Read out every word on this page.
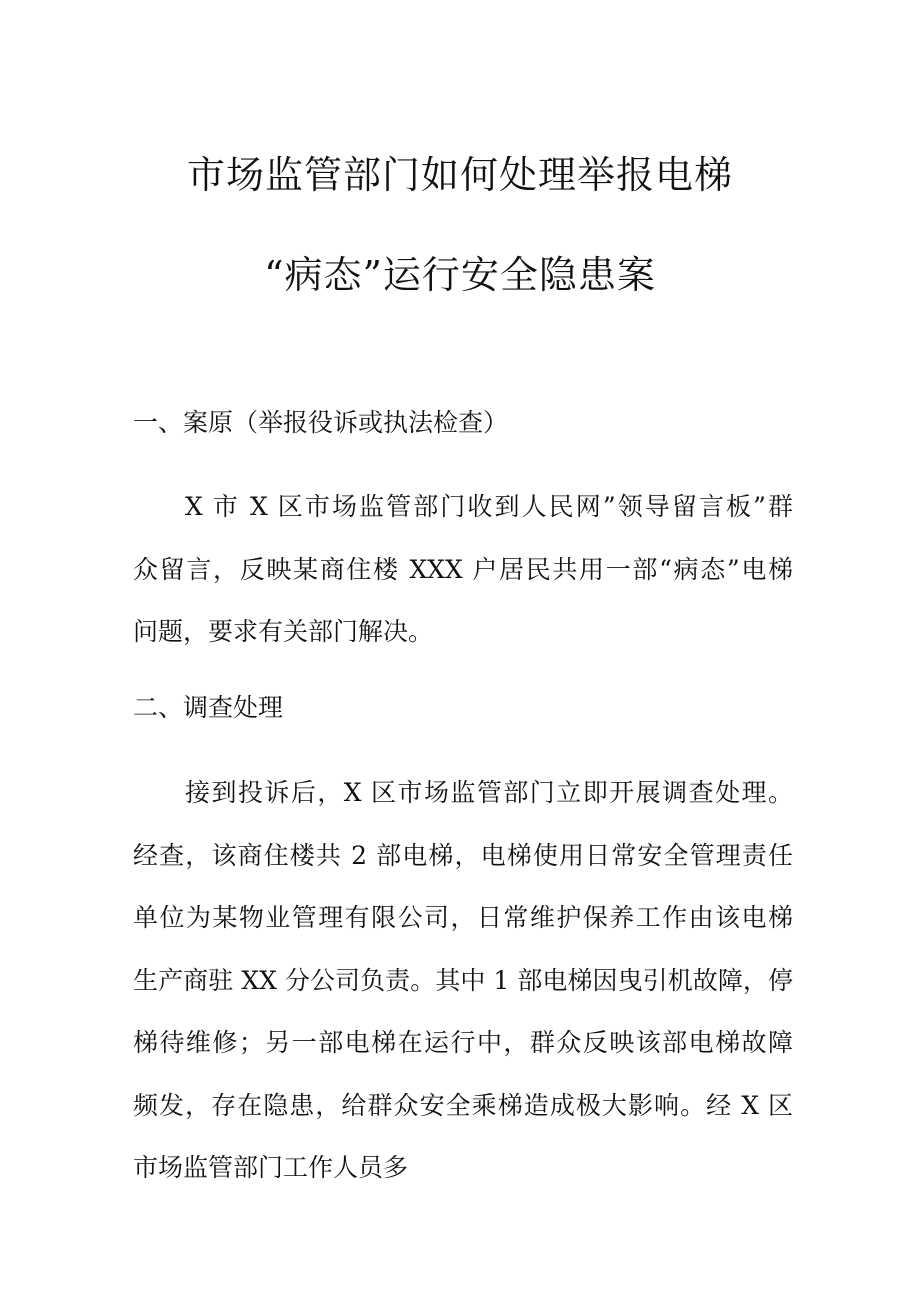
市场监管部门如何处理举报电梯
“病态”运行安全隐患案
一、案原（举报役诉或执法检查）
X 市 X 区市场监管部门收到人民网”领导留言板”群
众留言，反映某商住楼 XXX 户居民共用一部“病态”电梯
问题，要求有关部门解决。
二、调查处理
接到投诉后，X 区市场监管部门立即开展调查处理。
经查，该商住楼共 2 部电梯，电梯使用日常安全管理责任
单位为某物业管理有限公司，日常维护保养工作由该电梯
生产商驻 XX 分公司负责。其中 1 部电梯因曳引机故障，停
梯待维修；另一部电梯在运行中，群众反映该部电梯故障
频发，存在隐患，给群众安全乘梯造成极大影响。经 X 区
市场监管部门工作人员多
